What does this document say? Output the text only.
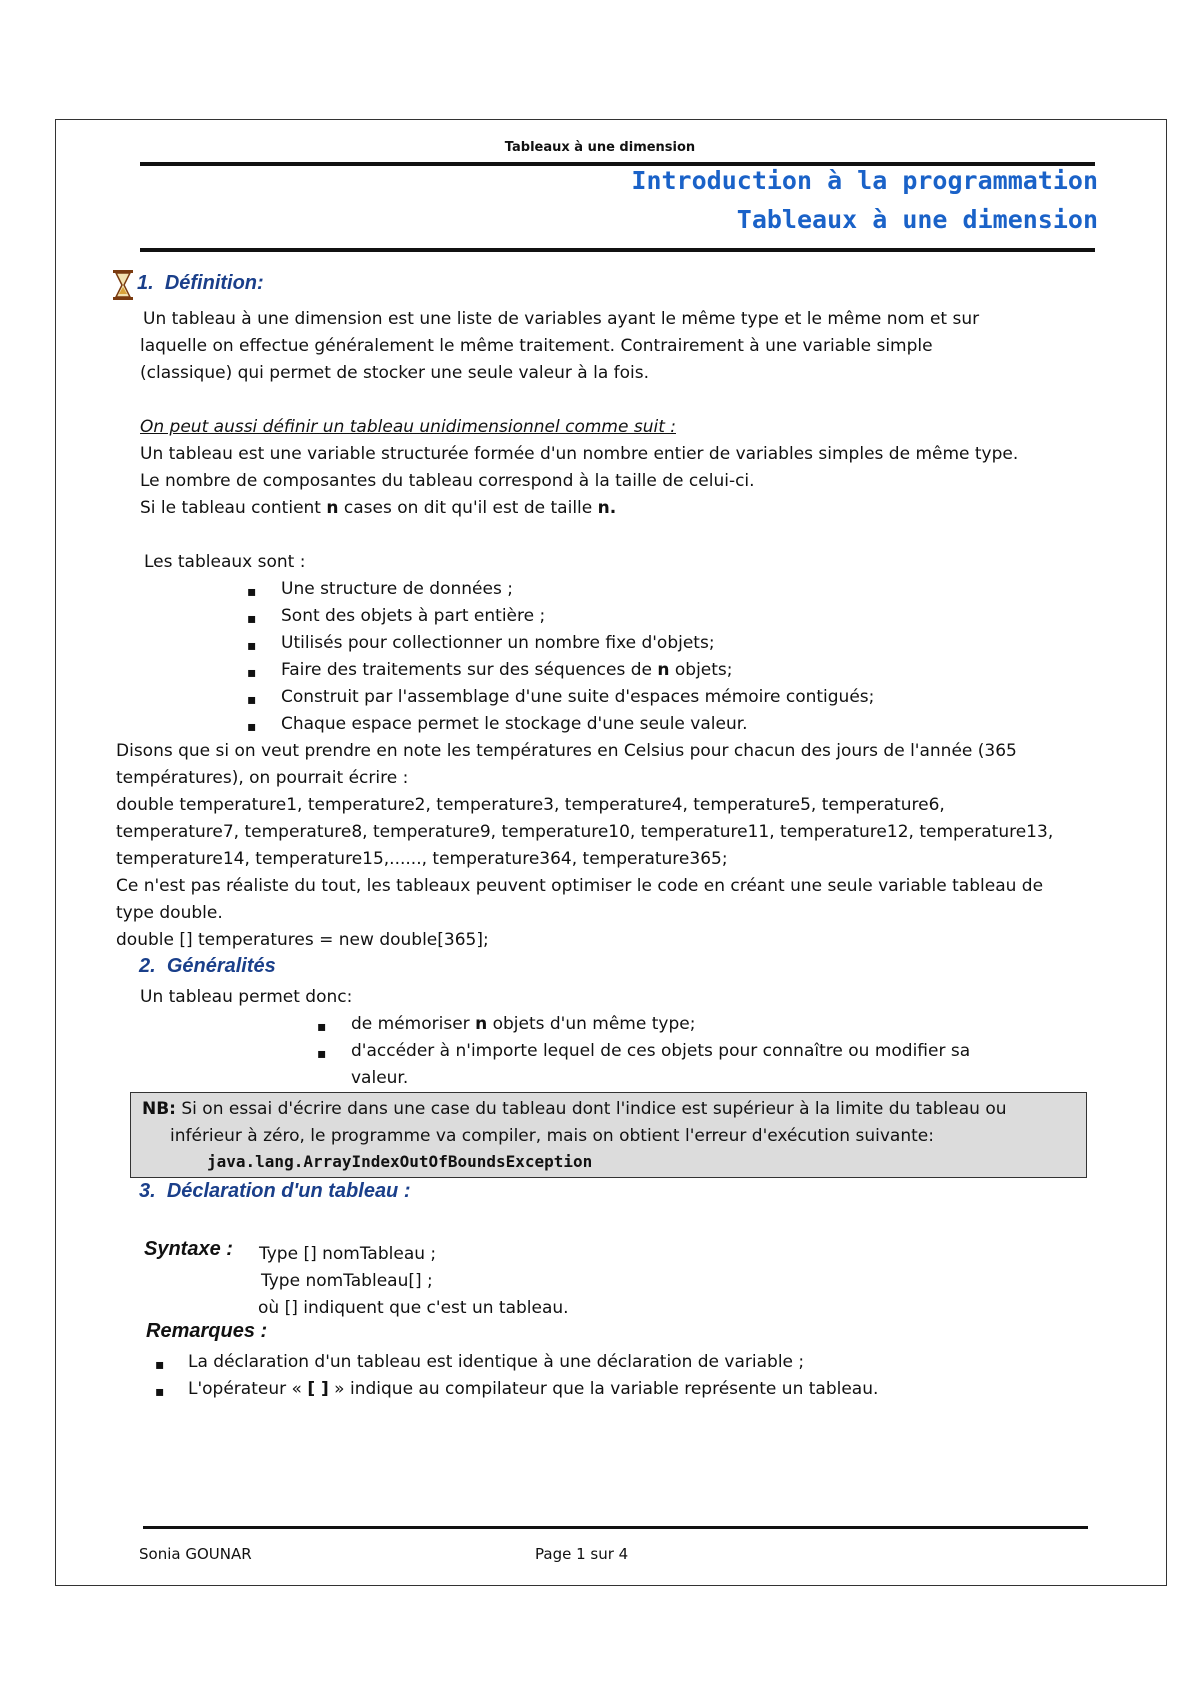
Tableaux à une dimension
Introduction à la programmation
Tableaux à une dimension
1. Définition:
Un tableau à une dimension est une liste de variables ayant le même type et le même nom et sur
laquelle on effectue généralement le même traitement. Contrairement à une variable simple
(classique) qui permet de stocker une seule valeur à la fois.
On peut aussi définir un tableau unidimensionnel comme suit :
Un tableau est une variable structurée formée d'un nombre entier de variables simples de même type.
Le nombre de composantes du tableau correspond à la taille de celui-ci.
Si le tableau contient n cases on dit qu'il est de taille n.
Les tableaux sont :
▪ Une structure de données ;
▪ Sont des objets à part entière ;
▪ Utilisés pour collectionner un nombre fixe d'objets;
▪ Faire des traitements sur des séquences de n objets;
▪ Construit par l'assemblage d'une suite d'espaces mémoire contigués;
▪ Chaque espace permet le stockage d'une seule valeur.
Disons que si on veut prendre en note les températures en Celsius pour chacun des jours de l'année (365
températures), on pourrait écrire :
double temperature1, temperature2, temperature3, temperature4, temperature5, temperature6,
temperature7, temperature8, temperature9, temperature10, temperature11, temperature12, temperature13,
temperature14, temperature15,......, temperature364, temperature365;
Ce n'est pas réaliste du tout, les tableaux peuvent optimiser le code en créant une seule variable tableau de
type double.
double [] temperatures = new double[365];
2. Généralités
Un tableau permet donc:
▪ de mémoriser n objets d'un même type;
▪ d'accéder à n'importe lequel de ces objets pour connaître ou modifier sa
valeur.
NB: Si on essai d'écrire dans une case du tableau dont l'indice est supérieur à la limite du tableau ou
inférieur à zéro, le programme va compiler, mais on obtient l'erreur d'exécution suivante:
java.lang.ArrayIndexOutOfBoundsException
3. Déclaration d'un tableau :
Syntaxe : Type [] nomTableau ;
Type nomTableau[] ;
où [] indiquent que c'est un tableau.
Remarques :
▪ La déclaration d'un tableau est identique à une déclaration de variable ;
▪ L'opérateur « [ ] » indique au compilateur que la variable représente un tableau.
Sonia GOUNAR	Page 1 sur 4
